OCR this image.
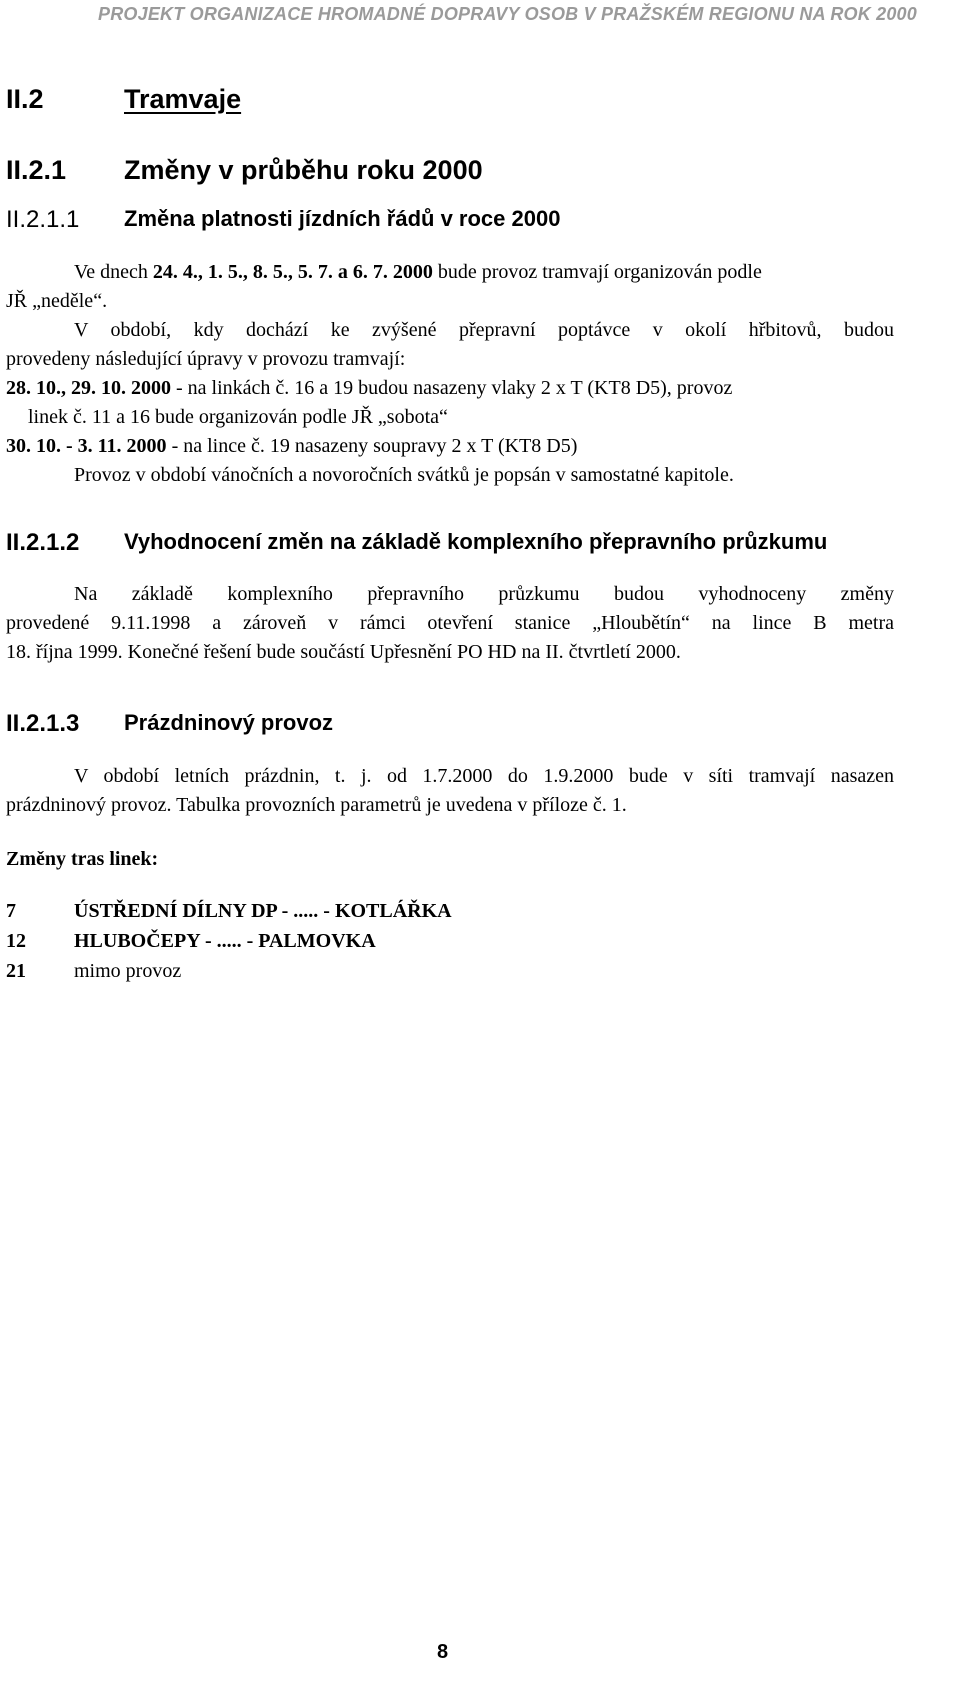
PROJEKT ORGANIZACE HROMADNÉ DOPRAVY OSOB V PRAŽSKÉM REGIONU NA ROK 2000
II.2	Tramvaje
II.2.1 Změny v průběhu roku 2000
II.2.1.1 Změna platnosti jízdních řádů v roce 2000
Ve dnech 24. 4., 1. 5., 8. 5., 5. 7. a 6. 7. 2000 bude provoz tramvají organizován podle
JŘ „neděle“.
V období, kdy dochází ke zvýšené přepravní poptávce v okolí hřbitovů, budou
provedeny následující úpravy v provozu tramvají:
28. 10., 29. 10. 2000 - na linkách č. 16 a 19 budou nasazeny vlaky 2 x T (KT8 D5), provoz
linek č. 11 a 16 bude organizován podle JŘ „sobota“
30. 10. - 3. 11. 2000 - na lince č. 19 nasazeny soupravy 2 x T (KT8 D5)
Provoz v období vánočních a novoročních svátků je popsán v samostatné kapitole.
II.2.1.2 Vyhodnocení změn na základě komplexního přepravního průzkumu
Na základě komplexního přepravního průzkumu budou vyhodnoceny změny
provedené 9.11.1998 a zároveň v rámci otevření stanice „Hloubětín“ na lince B metra
18. října 1999. Konečné řešení bude součástí Upřesnění PO HD na II. čtvrtletí 2000.
II.2.1.3 Prázdninový provoz
V období letních prázdnin, t. j. od 1.7.2000 do 1.9.2000 bude v síti tramvají nasazen
prázdninový provoz. Tabulka provozních parametrů je uvedena v příloze č. 1.
Změny tras linek:
7	ÚSTŘEDNÍ DÍLNY DP - ..... - KOTLÁŘKA
12 HLUBOČEPY - ..... - PALMOVKA
21 mimo provoz
8
